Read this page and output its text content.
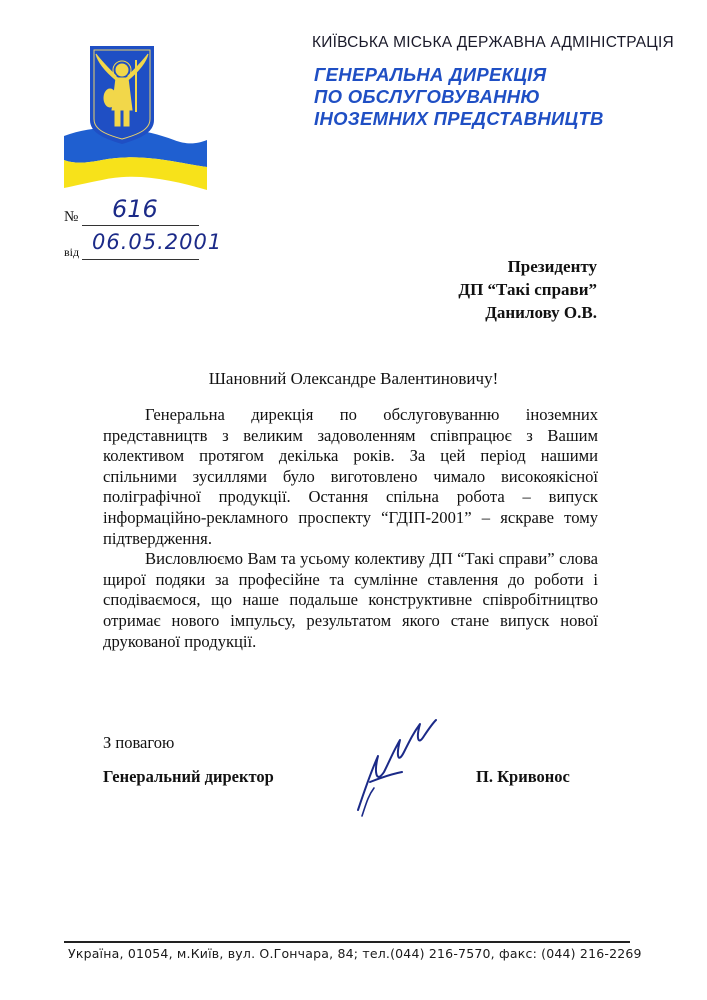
КИЇВСЬКА МІСЬКА ДЕРЖАВНА АДМІНІСТРАЦІЯ
ГЕНЕРАЛЬНА ДИРЕКЦІЯ
ПО ОБСЛУГОВУВАННЮ
ІНОЗЕМНИХ ПРЕДСТАВНИЦТВ
№ 616
від 06.05.2001
Президенту
ДП “Такі справи”
Данилову О.В.
Шановний Олександре Валентиновичу!

Генеральна дирекція по обслуговуванню іноземних представництв з великим задоволенням співпрацює з Вашим колективом протягом декілька років. За цей період нашими спільними зусиллями було виготовлено чимало високоякісної поліграфічної продукції. Остання спільна робота – випуск інформаційно-рекламного проспекту “ГДІП-2001” – яскраве тому підтвердження.

Висловлюємо Вам та усьому колективу ДП “Такі справи” слова щирої подяки за професійне та сумлінне ставлення до роботи і сподіваємося, що наше подальше конструктивне співробітництво отримає нового імпульсу, результатом якого стане випуск нової друкованої продукції.

З повагою
Генеральний директор	П. Кривонос
Україна, 01054, м.Київ, вул. О.Гончара, 84; тел.(044) 216-7570, факс: (044) 216-2269
